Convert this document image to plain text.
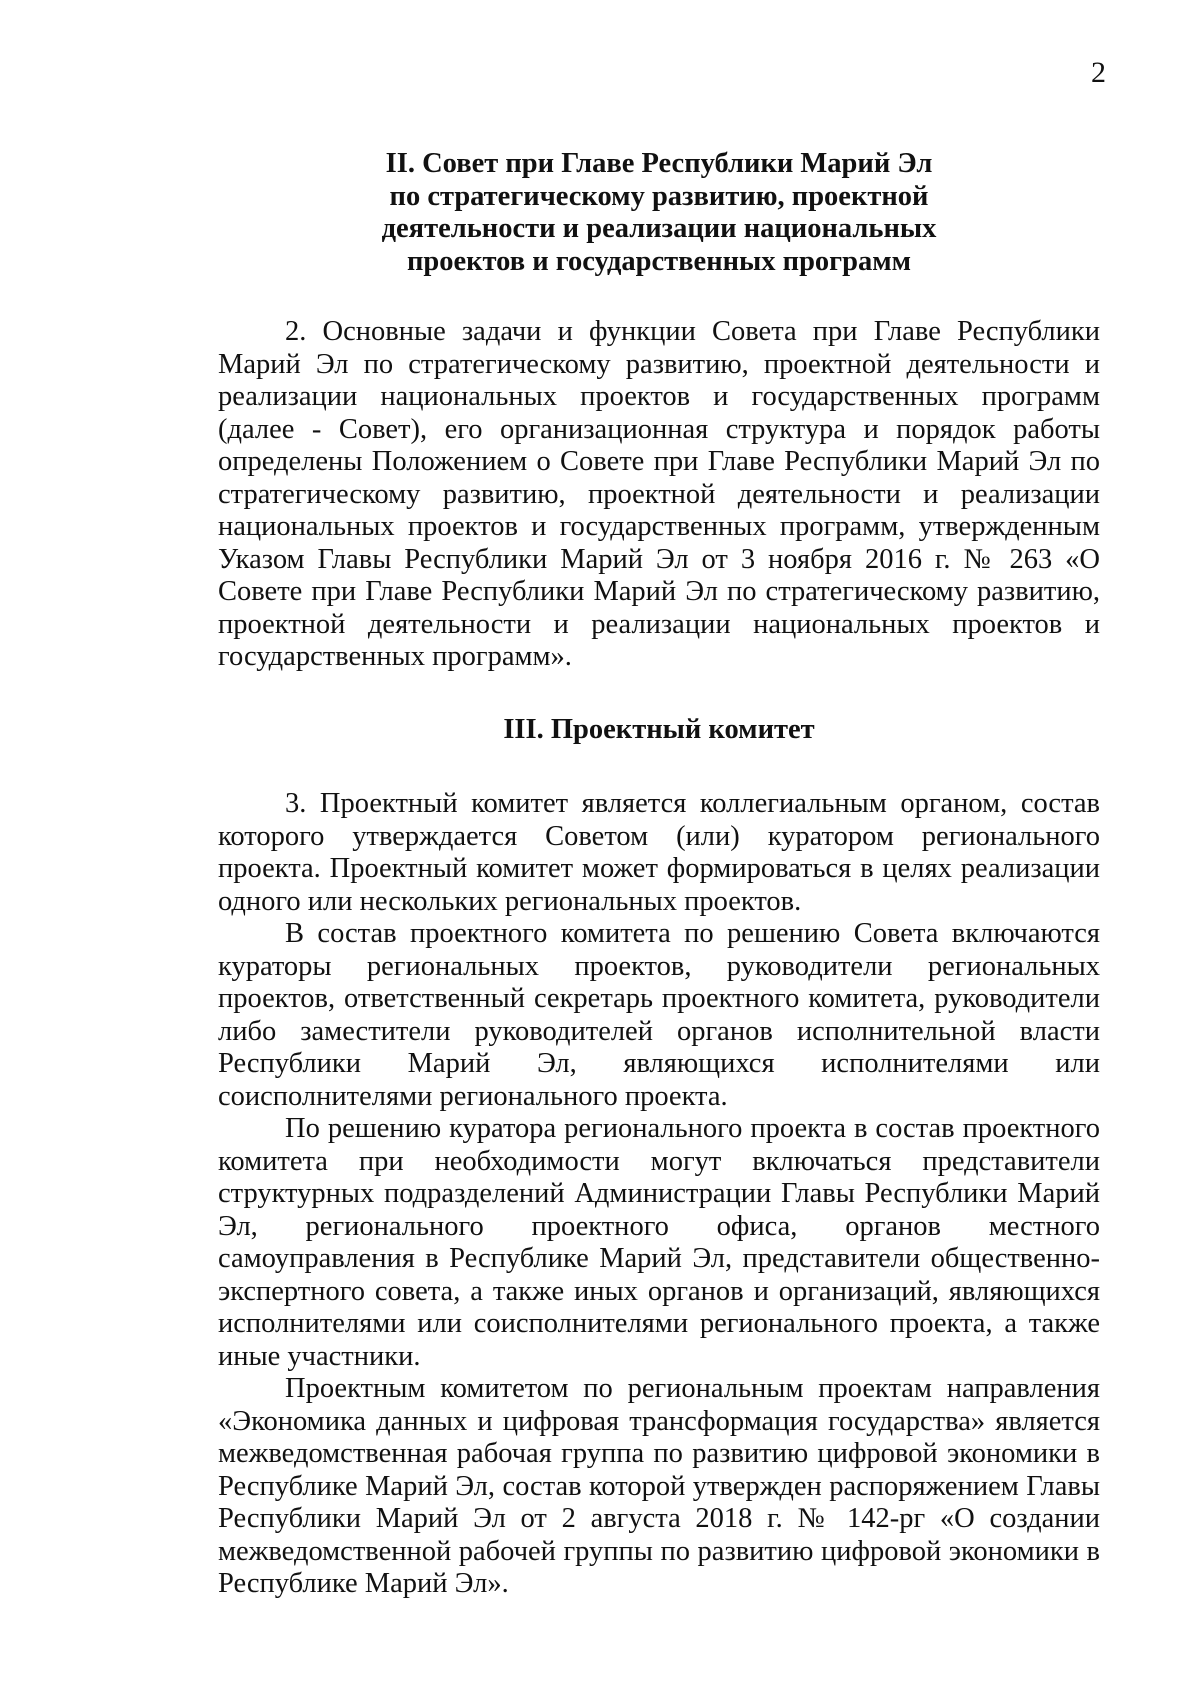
2
II. Совет при Главе Республики Марий Эл
по стратегическому развитию, проектной
деятельности и реализации национальных
проектов и государственных программ

2. Основные задачи и функции Совета при Главе Республики Марий Эл по стратегическому развитию, проектной деятельности и реализации национальных проектов и государственных программ (далее - Совет), его организационная структура и порядок работы определены Положением о Совете при Главе Республики Марий Эл по стратегическому развитию, проектной деятельности и реализации национальных проектов и государственных программ, утвержденным Указом Главы Республики Марий Эл от 3 ноября 2016 г. № 263 «О Совете при Главе Республики Марий Эл по стратегическому развитию, проектной деятельности и реализации национальных проектов и государственных программ».

III. Проектный комитет

3. Проектный комитет является коллегиальным органом, состав которого утверждается Советом (или) куратором регионального проекта. Проектный комитет может формироваться в целях реализации одного или нескольких региональных проектов.

В состав проектного комитета по решению Совета включаются кураторы региональных проектов, руководители региональных проектов, ответственный секретарь проектного комитета, руководители либо заместители руководителей органов исполнительной власти Республики Марий Эл, являющихся исполнителями или соисполнителями регионального проекта.

По решению куратора регионального проекта в состав проектного комитета при необходимости могут включаться представители структурных подразделений Администрации Главы Республики Марий Эл, регионального проектного офиса, органов местного самоуправления в Республике Марий Эл, представители общественно-экспертного совета, а также иных органов и организаций, являющихся исполнителями или соисполнителями регионального проекта, а также иные участники.

Проектным комитетом по региональным проектам направления «Экономика данных и цифровая трансформация государства» является межведомственная рабочая группа по развитию цифровой экономики в Республике Марий Эл, состав которой утвержден распоряжением Главы Республики Марий Эл от 2 августа 2018 г. № 142-рг «О создании межведомственной рабочей группы по развитию цифровой экономики в Республике Марий Эл».
